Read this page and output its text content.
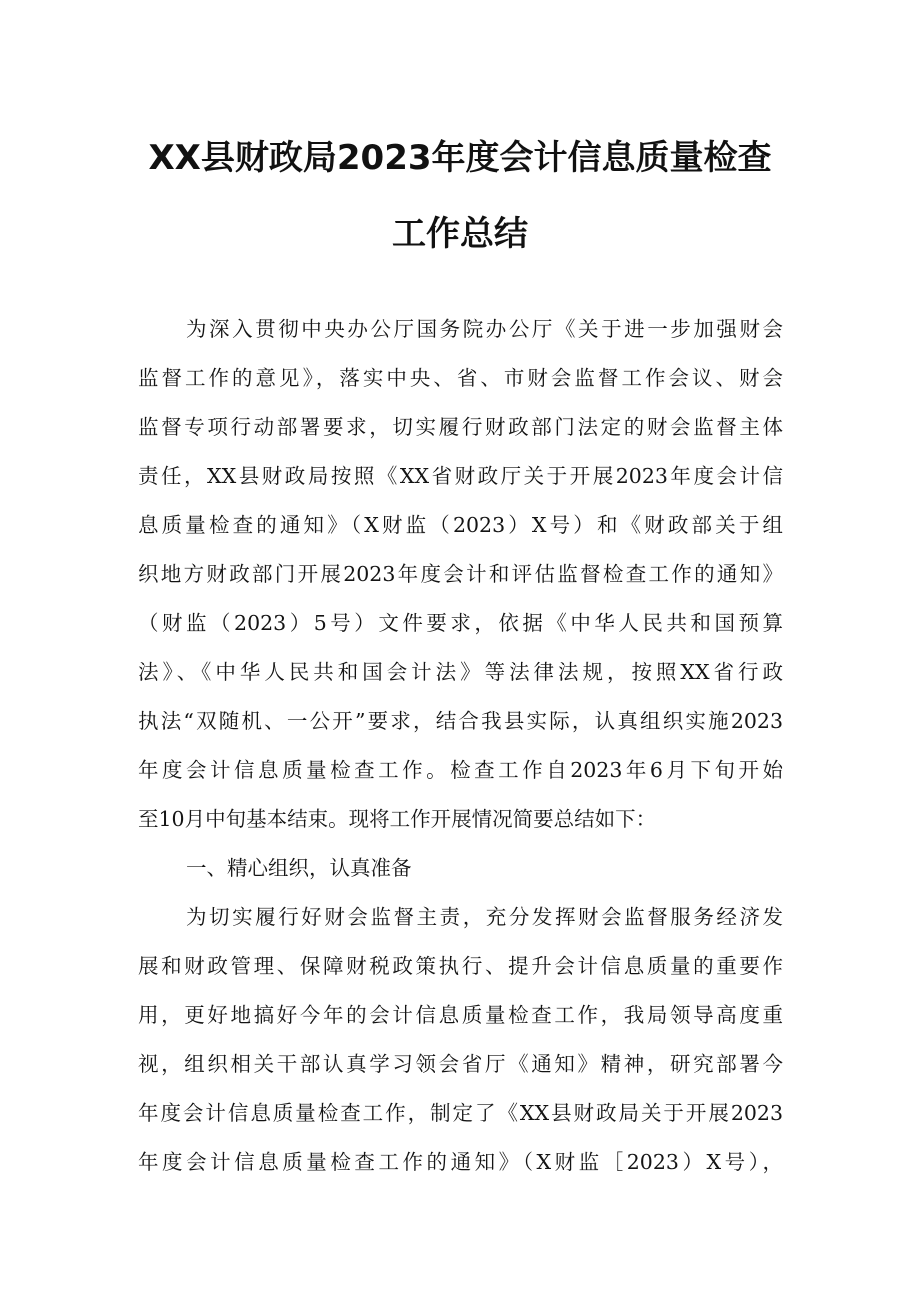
XX县财政局2023年度会计信息质量检查
工作总结
为深入贯彻中央办公厅国务院办公厅《关于进一步加强财会
监督工作的意见》，落实中央、省、市财会监督工作会议、财会
监督专项行动部署要求，切实履行财政部门法定的财会监督主体
责任，XX县财政局按照《XX省财政厅关于开展2023年度会计信
息质量检查的通知》（X财监（2023）X号）和《财政部关于组
织地方财政部门开展2023年度会计和评估监督检查工作的通知》
（财监（2023）5号）文件要求，依据《中华人民共和国预算
法》、《中华人民共和国会计法》等法律法规，按照XX省行政
执法“双随机、一公开”要求，结合我县实际，认真组织实施2023
年度会计信息质量检查工作。检查工作自2023年6月下旬开始
至10月中旬基本结束。现将工作开展情况简要总结如下：
一、精心组织，认真准备
为切实履行好财会监督主责，充分发挥财会监督服务经济发
展和财政管理、保障财税政策执行、提升会计信息质量的重要作
用，更好地搞好今年的会计信息质量检查工作，我局领导高度重
视，组织相关干部认真学习领会省厅《通知》精神，研究部署今
年度会计信息质量检查工作，制定了《XX县财政局关于开展2023
年度会计信息质量检查工作的通知》（X财监［2023）X号），
